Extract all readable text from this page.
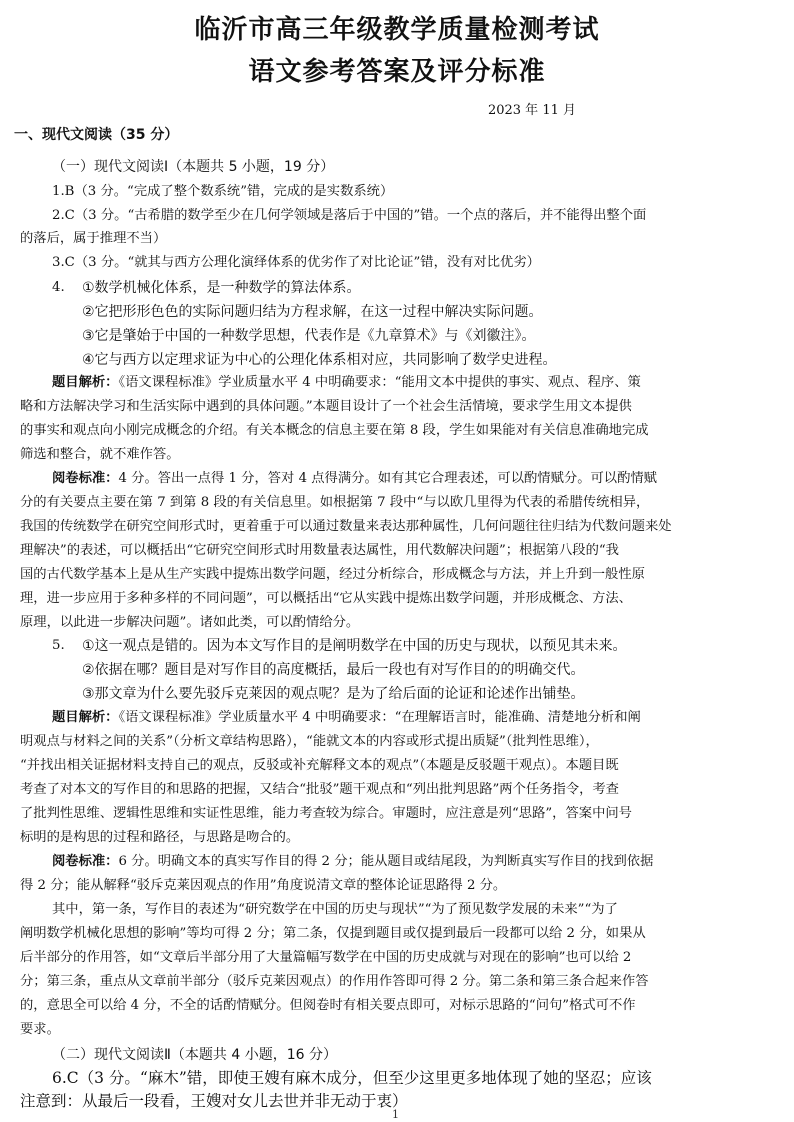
临沂市高三年级教学质量检测考试
语文参考答案及评分标准
2023 年 11 月
一、现代文阅读（35 分）
（一）现代文阅读Ⅰ（本题共 5 小题，19 分）
1.B（3 分。“完成了整个数系统”错，完成的是实数系统）
2.C（3 分。“古希腊的数学至少在几何学领域是落后于中国的”错。一个点的落后，并不能得出整个面
的落后，属于推理不当）
3.C（3 分。“就其与西方公理化演绎体系的优劣作了对比论证”错，没有对比优劣）
4. ①数学机械化体系，是一种数学的算法体系。
②它把形形色色的实际问题归结为方程求解，在这一过程中解决实际问题。
③它是肇始于中国的一种数学思想，代表作是《九章算术》与《刘徽注》。
④它与西方以定理求证为中心的公理化体系相对应，共同影响了数学史进程。
题目解析：《语文课程标准》学业质量水平 4 中明确要求：“能用文本中提供的事实、观点、程序、策
略和方法解决学习和生活实际中遇到的具体问题。”本题目设计了一个社会生活情境，要求学生用文本提供
的事实和观点向小刚完成概念的介绍。有关本概念的信息主要在第 8 段，学生如果能对有关信息准确地完成
筛选和整合，就不难作答。
阅卷标准：4 分。答出一点得 1 分，答对 4 点得满分。如有其它合理表述，可以酌情赋分。可以酌情赋
分的有关要点主要在第 7 到第 8 段的有关信息里。如根据第 7 段中“与以欧几里得为代表的希腊传统相异，
我国的传统数学在研究空间形式时，更着重于可以通过数量来表达那种属性，几何问题往往归结为代数问题来处
理解决”的表述，可以概括出“它研究空间形式时用数量表达属性，用代数解决问题”；根据第八段的“我
国的古代数学基本上是从生产实践中提炼出数学问题，经过分析综合，形成概念与方法，并上升到一般性原
理，进一步应用于多种多样的不同问题”，可以概括出“它从实践中提炼出数学问题，并形成概念、方法、
原理，以此进一步解决问题”。诸如此类，可以酌情给分。
5. ①这一观点是错的。因为本文写作目的是阐明数学在中国的历史与现状，以预见其未来。
②依据在哪？题目是对写作目的高度概括，最后一段也有对写作目的的明确交代。
③那文章为什么要先驳斥克莱因的观点呢？是为了给后面的论证和论述作出铺垫。
题目解析：《语文课程标准》学业质量水平 4 中明确要求：“在理解语言时，能准确、清楚地分析和阐
明观点与材料之间的关系”（分析文章结构思路），“能就文本的内容或形式提出质疑”（批判性思维），
“并找出相关证据材料支持自己的观点，反驳或补充解释文本的观点”（本题是反驳题干观点）。本题目既
考查了对本文的写作目的和思路的把握，又结合“批驳”题干观点和“列出批判思路”两个任务指令，考查
了批判性思维、逻辑性思维和实证性思维，能力考查较为综合。审题时，应注意是列“思路”，答案中问号
标明的是构思的过程和路径，与思路是吻合的。
阅卷标准：6 分。明确文本的真实写作目的得 2 分；能从题目或结尾段，为判断真实写作目的找到依据
得 2 分；能从解释“驳斥克莱因观点的作用”角度说清文章的整体论证思路得 2 分。
其中，第一条，写作目的表述为“研究数学在中国的历史与现状”“为了预见数学发展的未来”“为了
阐明数学机械化思想的影响”等均可得 2 分；第二条，仅提到题目或仅提到最后一段都可以给 2 分，如果从
后半部分的作用答，如“文章后半部分用了大量篇幅写数学在中国的历史成就与对现在的影响”也可以给 2
分；第三条，重点从文章前半部分（驳斥克莱因观点）的作用作答即可得 2 分。第二条和第三条合起来作答
的，意思全可以给 4 分，不全的话酌情赋分。但阅卷时有相关要点即可，对标示思路的“问句”格式可不作
要求。
（二）现代文阅读Ⅱ（本题共 4 小题，16 分）
6.C（3 分。“麻木”错，即使王嫂有麻木成分，但至少这里更多地体现了她的坚忍；应该
注意到：从最后一段看，王嫂对女儿去世并非无动于衷）
1
